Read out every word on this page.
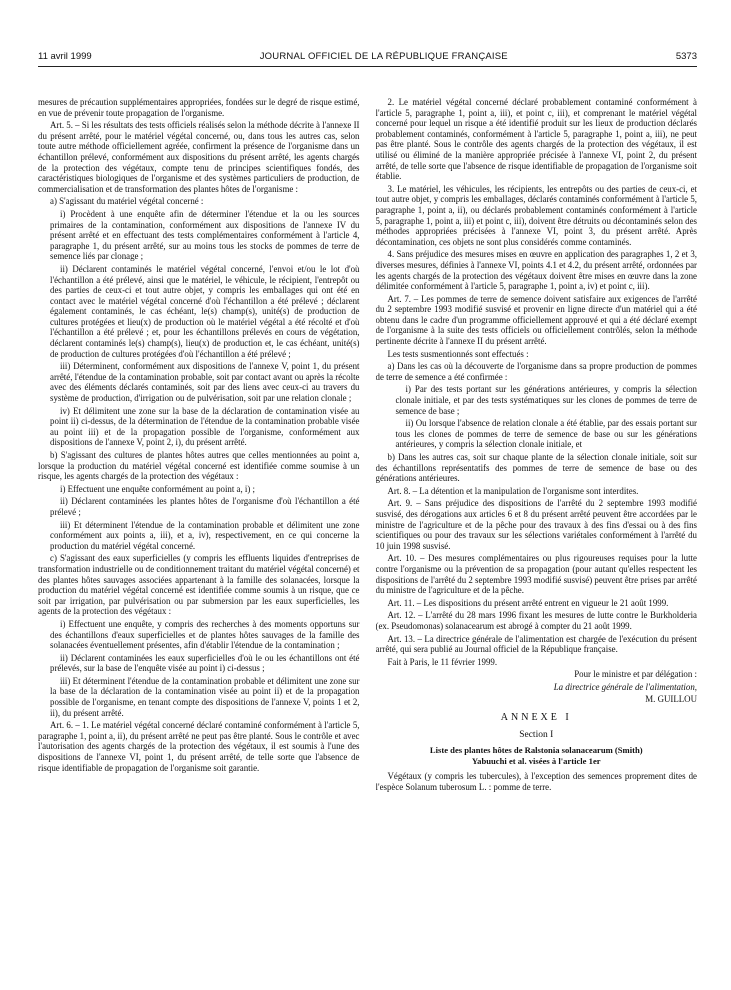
11 avril 1999	JOURNAL OFFICIEL DE LA RÉPUBLIQUE FRANÇAISE	5373

mesures de précaution supplémentaires appropriées, fondées sur le degré de risque estimé, en vue de prévenir toute propagation de l'organisme.

Art. 5. – Si les résultats des tests officiels réalisés selon la méthode décrite à l'annexe II du présent arrêté, pour le matériel végétal concerné, ou, dans tous les autres cas, selon toute autre méthode officiellement agréée, confirment la présence de l'organisme dans un échantillon prélevé, conformément aux dispositions du présent arrêté, les agents chargés de la protection des végétaux, compte tenu de principes scientifiques fondés, des caractéristiques biologiques de l'organisme et des systèmes particuliers de production, de commercialisation et de transformation des plantes hôtes de l'organisme :

a) S'agissant du matériel végétal concerné :

i) Procèdent à une enquête afin de déterminer l'étendue et la ou les sources primaires de la contamination, conformément aux dispositions de l'annexe IV du présent arrêté et en effectuant des tests complémentaires conformément à l'article 4, paragraphe 1, du présent arrêté, sur au moins tous les stocks de pommes de terre de semence liés par clonage ;

ii) Déclarent contaminés le matériel végétal concerné, l'envoi et/ou le lot d'où l'échantillon a été prélevé, ainsi que le matériel, le véhicule, le récipient, l'entrepôt ou des parties de ceux-ci et tout autre objet, y compris les emballages qui ont été en contact avec le matériel végétal concerné d'où l'échantillon a été prélevé ; déclarent également contaminés, le cas échéant, le(s) champ(s), unité(s) de production de cultures protégées et lieu(x) de production où le matériel végétal a été récolté et d'où l'échantillon a été prélevé ; et, pour les échantillons prélevés en cours de végétation, déclarent contaminés le(s) champ(s), lieu(x) de production et, le cas échéant, unité(s) de production de cultures protégées d'où l'échantillon a été prélevé ;

iii) Déterminent, conformément aux dispositions de l'annexe V, point 1, du présent arrêté, l'étendue de la contamination probable, soit par contact avant ou après la récolte avec des éléments déclarés contaminés, soit par des liens avec ceux-ci au travers du système de production, d'irrigation ou de pulvérisation, soit par une relation clonale ;

iv) Et délimitent une zone sur la base de la déclaration de contamination visée au point ii) ci-dessus, de la détermination de l'étendue de la contamination probable visée au point iii) et de la propagation possible de l'organisme, conformément aux dispositions de l'annexe V, point 2, i), du présent arrêté.

b) S'agissant des cultures de plantes hôtes autres que celles mentionnées au point a, lorsque la production du matériel végétal concerné est identifiée comme soumise à un risque, les agents chargés de la protection des végétaux :

i) Effectuent une enquête conformément au point a, i) ;

ii) Déclarent contaminées les plantes hôtes de l'organisme d'où l'échantillon a été prélevé ;

iii) Et déterminent l'étendue de la contamination probable et délimitent une zone conformément aux points a, iii), et a, iv), respectivement, en ce qui concerne la production du matériel végétal concerné.

c) S'agissant des eaux superficielles (y compris les effluents liquides d'entreprises de transformation industrielle ou de conditionnement traitant du matériel végétal concerné) et des plantes hôtes sauvages associées appartenant à la famille des solanacées, lorsque la production du matériel végétal concerné est identifiée comme soumis à un risque, que ce soit par irrigation, par pulvérisation ou par submersion par les eaux superficielles, les agents de la protection des végétaux :

i) Effectuent une enquête, y compris des recherches à des moments opportuns sur des échantillons d'eaux superficielles et de plantes hôtes sauvages de la famille des solanacées éventuellement présentes, afin d'établir l'étendue de la contamination ;

ii) Déclarent contaminées les eaux superficielles d'où le ou les échantillons ont été prélevés, sur la base de l'enquête visée au point i) ci-dessus ;

iii) Et déterminent l'étendue de la contamination probable et délimitent une zone sur la base de la déclaration de la contamination visée au point ii) et de la propagation possible de l'organisme, en tenant compte des dispositions de l'annexe V, points 1 et 2, ii), du présent arrêté.

Art. 6. – 1. Le matériel végétal concerné déclaré contaminé conformément à l'article 5, paragraphe 1, point a, ii), du présent arrêté ne peut pas être planté. Sous le contrôle et avec l'autorisation des agents chargés de la protection des végétaux, il est soumis à l'une des dispositions de l'annexe VI, point 1, du présent arrêté, de telle sorte que l'absence de risque identifiable de propagation de l'organisme soit garantie.

2. Le matériel végétal concerné déclaré probablement contaminé conformément à l'article 5, paragraphe 1, point a, iii), et point c, iii), et comprenant le matériel végétal concerné pour lequel un risque a été identifié produit sur les lieux de production déclarés probablement contaminés, conformément à l'article 5, paragraphe 1, point a, iii), ne peut pas être planté. Sous le contrôle des agents chargés de la protection des végétaux, il est utilisé ou éliminé de la manière appropriée précisée à l'annexe VI, point 2, du présent arrêté, de telle sorte que l'absence de risque identifiable de propagation de l'organisme soit établie.

3. Le matériel, les véhicules, les récipients, les entrepôts ou des parties de ceux-ci, et tout autre objet, y compris les emballages, déclarés contaminés conformément à l'article 5, paragraphe 1, point a, ii), ou déclarés probablement contaminés conformément à l'article 5, paragraphe 1, point a, iii) et point c, iii), doivent être détruits ou décontaminés selon des méthodes appropriées précisées à l'annexe VI, point 3, du présent arrêté. Après décontamination, ces objets ne sont plus considérés comme contaminés.

4. Sans préjudice des mesures mises en œuvre en application des paragraphes 1, 2 et 3, diverses mesures, définies à l'annexe VI, points 4.1 et 4.2, du présent arrêté, ordonnées par les agents chargés de la protection des végétaux doivent être mises en œuvre dans la zone délimitée conformément à l'article 5, paragraphe 1, point a, iv) et point c, iii).

Art. 7. – Les pommes de terre de semence doivent satisfaire aux exigences de l'arrêté du 2 septembre 1993 modifié susvisé et provenir en ligne directe d'un matériel qui a été obtenu dans le cadre d'un programme officiellement approuvé et qui a été déclaré exempt de l'organisme à la suite des tests officiels ou officiellement contrôlés, selon la méthode pertinente décrite à l'annexe II du présent arrêté.

Les tests susmentionnés sont effectués :

a) Dans les cas où la découverte de l'organisme dans sa propre production de pommes de terre de semence a été confirmée :

i) Par des tests portant sur les générations antérieures, y compris la sélection clonale initiale, et par des tests systématiques sur les clones de pommes de terre de semence de base ;

ii) Ou lorsque l'absence de relation clonale a été établie, par des essais portant sur tous les clones de pommes de terre de semence de base ou sur les générations antérieures, y compris la sélection clonale initiale, et

b) Dans les autres cas, soit sur chaque plante de la sélection clonale initiale, soit sur des échantillons représentatifs des pommes de terre de semence de base ou des générations antérieures.

Art. 8. – La détention et la manipulation de l'organisme sont interdites.

Art. 9. – Sans préjudice des dispositions de l'arrêté du 2 septembre 1993 modifié susvisé, des dérogations aux articles 6 et 8 du présent arrêté peuvent être accordées par le ministre de l'agriculture et de la pêche pour des travaux à des fins d'essai ou à des fins scientifiques ou pour des travaux sur les sélections variétales conformément à l'arrêté du 10 juin 1998 susvisé.

Art. 10. – Des mesures complémentaires ou plus rigoureuses requises pour la lutte contre l'organisme ou la prévention de sa propagation (pour autant qu'elles respectent les dispositions de l'arrêté du 2 septembre 1993 modifié susvisé) peuvent être prises par arrêté du ministre de l'agriculture et de la pêche.

Art. 11. – Les dispositions du présent arrêté entrent en vigueur le 21 août 1999.

Art. 12. – L'arrêté du 28 mars 1996 fixant les mesures de lutte contre le Burkholderia (ex. Pseudomonas) solanacearum est abrogé à compter du 21 août 1999.

Art. 13. – La directrice générale de l'alimentation est chargée de l'exécution du présent arrêté, qui sera publié au Journal officiel de la République française.

Fait à Paris, le 11 février 1999.

Pour le ministre et par délégation :

La directrice générale de l'alimentation,

M. GUILLOU

ANNEXE I
Section I
Liste des plantes hôtes de Ralstonia solanacearum (Smith)
Yabuuchi et al. visées à l'article 1er

Végétaux (y compris les tubercules), à l'exception des semences proprement dites de l'espèce Solanum tuberosum L. : pomme de terre.
